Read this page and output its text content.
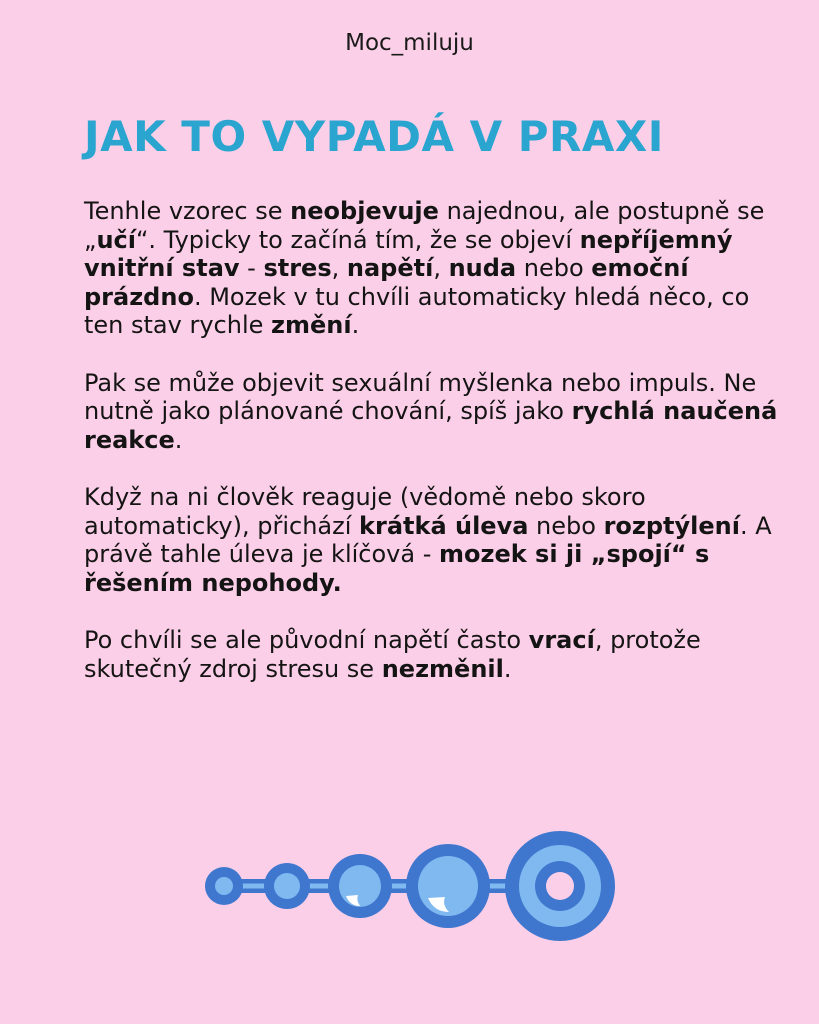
Moc_miluju
JAK TO VYPADÁ V PRAXI

Tenhle vzorec se neobjevuje najednou, ale postupně se „učí“. Typicky to začíná tím, že se objeví nepříjemný vnitřní stav - stres, napětí, nuda nebo emoční prázdno. Mozek v tu chvíli automaticky hledá něco, co ten stav rychle změní.

Pak se může objevit sexuální myšlenka nebo impuls. Ne nutně jako plánované chování, spíš jako rychlá naučená reakce.

Když na ni člověk reaguje (vědomě nebo skoro automaticky), přichází krátká úleva nebo rozptýlení. A právě tahle úleva je klíčová - mozek si ji „spojí“ s řešením nepohody.

Po chvíli se ale původní napětí často vrací, protože skutečný zdroj stresu se nezměnil.
